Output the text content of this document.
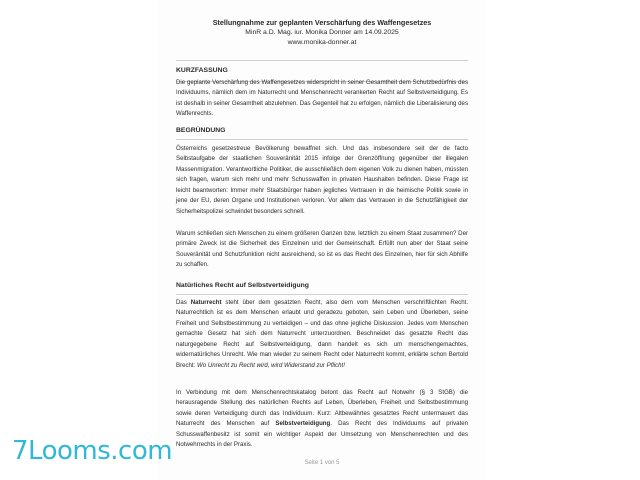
Stellungnahme zur geplanten Verschärfung des Waffengesetzes
MinR a.D. Mag. iur. Monika Donner am 14.09.2025
www.monika-donner.at

KURZFASSUNG

Die geplante Verschärfung des Waffengesetzes widerspricht in seiner Gesamtheit dem Schutzbedürfnis des Individuums, nämlich dem im Naturrecht und Menschenrecht verankerten Recht auf Selbstverteidigung. Es ist deshalb in seiner Gesamtheit abzulehnen. Das Gegenteil hat zu erfolgen, nämlich die Liberalisierung des Waffenrechts.

BEGRÜNDUNG

Österreichs gesetzestreue Bevölkerung bewaffnet sich. Und das insbesondere seit der de facto Selbstaufgabe der staatlichen Souveränität 2015 infolge der Grenzöffnung gegenüber der illegalen Massenmigration. Verantwortliche Politiker, die ausschließlich dem eigenen Volk zu dienen haben, müssten sich fragen, warum sich mehr und mehr Schusswaffen in privaten Haushalten befinden. Diese Frage ist leicht beantworten: Immer mehr Staatsbürger haben jegliches Vertrauen in die heimische Politik sowie in jene der EU, deren Organe und Institutionen verloren. Vor allem das Vertrauen in die Schutzfähigkeit der Sicherheitspolizei schwindet besonders schnell.

Warum schließen sich Menschen zu einem größeren Ganzen bzw. letztlich zu einem Staat zusammen? Der primäre Zweck ist die Sicherheit des Einzelnen und der Gemeinschaft. Erfüllt nun aber der Staat seine Souveränität und Schutzfunktion nicht ausreichend, so ist es das Recht des Einzelnen, hier für sich Abhilfe zu schaffen.

Natürliches Recht auf Selbstverteidigung

Das Naturrecht steht über dem gesatzten Recht, also dem vom Menschen verschriftlichten Recht. Naturrechtlich ist es dem Menschen erlaubt und geradezu geboten, sein Leben und Überleben, seine Freiheit und Selbstbestimmung zu verteidigen – und das ohne jegliche Diskussion. Jedes vom Menschen gemachte Gesetz hat sich dem Naturrecht unterzuordnen. Beschneidet das gesatzte Recht das naturgegebene Recht auf Selbstverteidigung, dann handelt es sich um menschengemachtes, widernatürliches Unrecht. Wie man wieder zu seinem Recht oder Naturrecht kommt, erklärte schon Bertold Brecht: Wo Unrecht zu Recht wird, wird Widerstand zur Pflicht!

In Verbindung mit dem Menschenrechtskatalog betont das Recht auf Notwehr (§ 3 StGB) die herausragende Stellung des natürlichen Rechts auf Leben, Überleben, Freiheit und Selbstbestimmung sowie deren Verteidigung durch das Individuum. Kurz: Altbewährtes gesatztes Recht untermauert das Naturrecht des Menschen auf Selbstverteidigung. Das Recht des Individuums auf privaten Schusswaffenbesitz ist somit ein wichtiger Aspekt der Umsetzung von Menschenrechten und des Notwehrrechts in der Praxis.

Seite 1 von 5
7Looms.com
